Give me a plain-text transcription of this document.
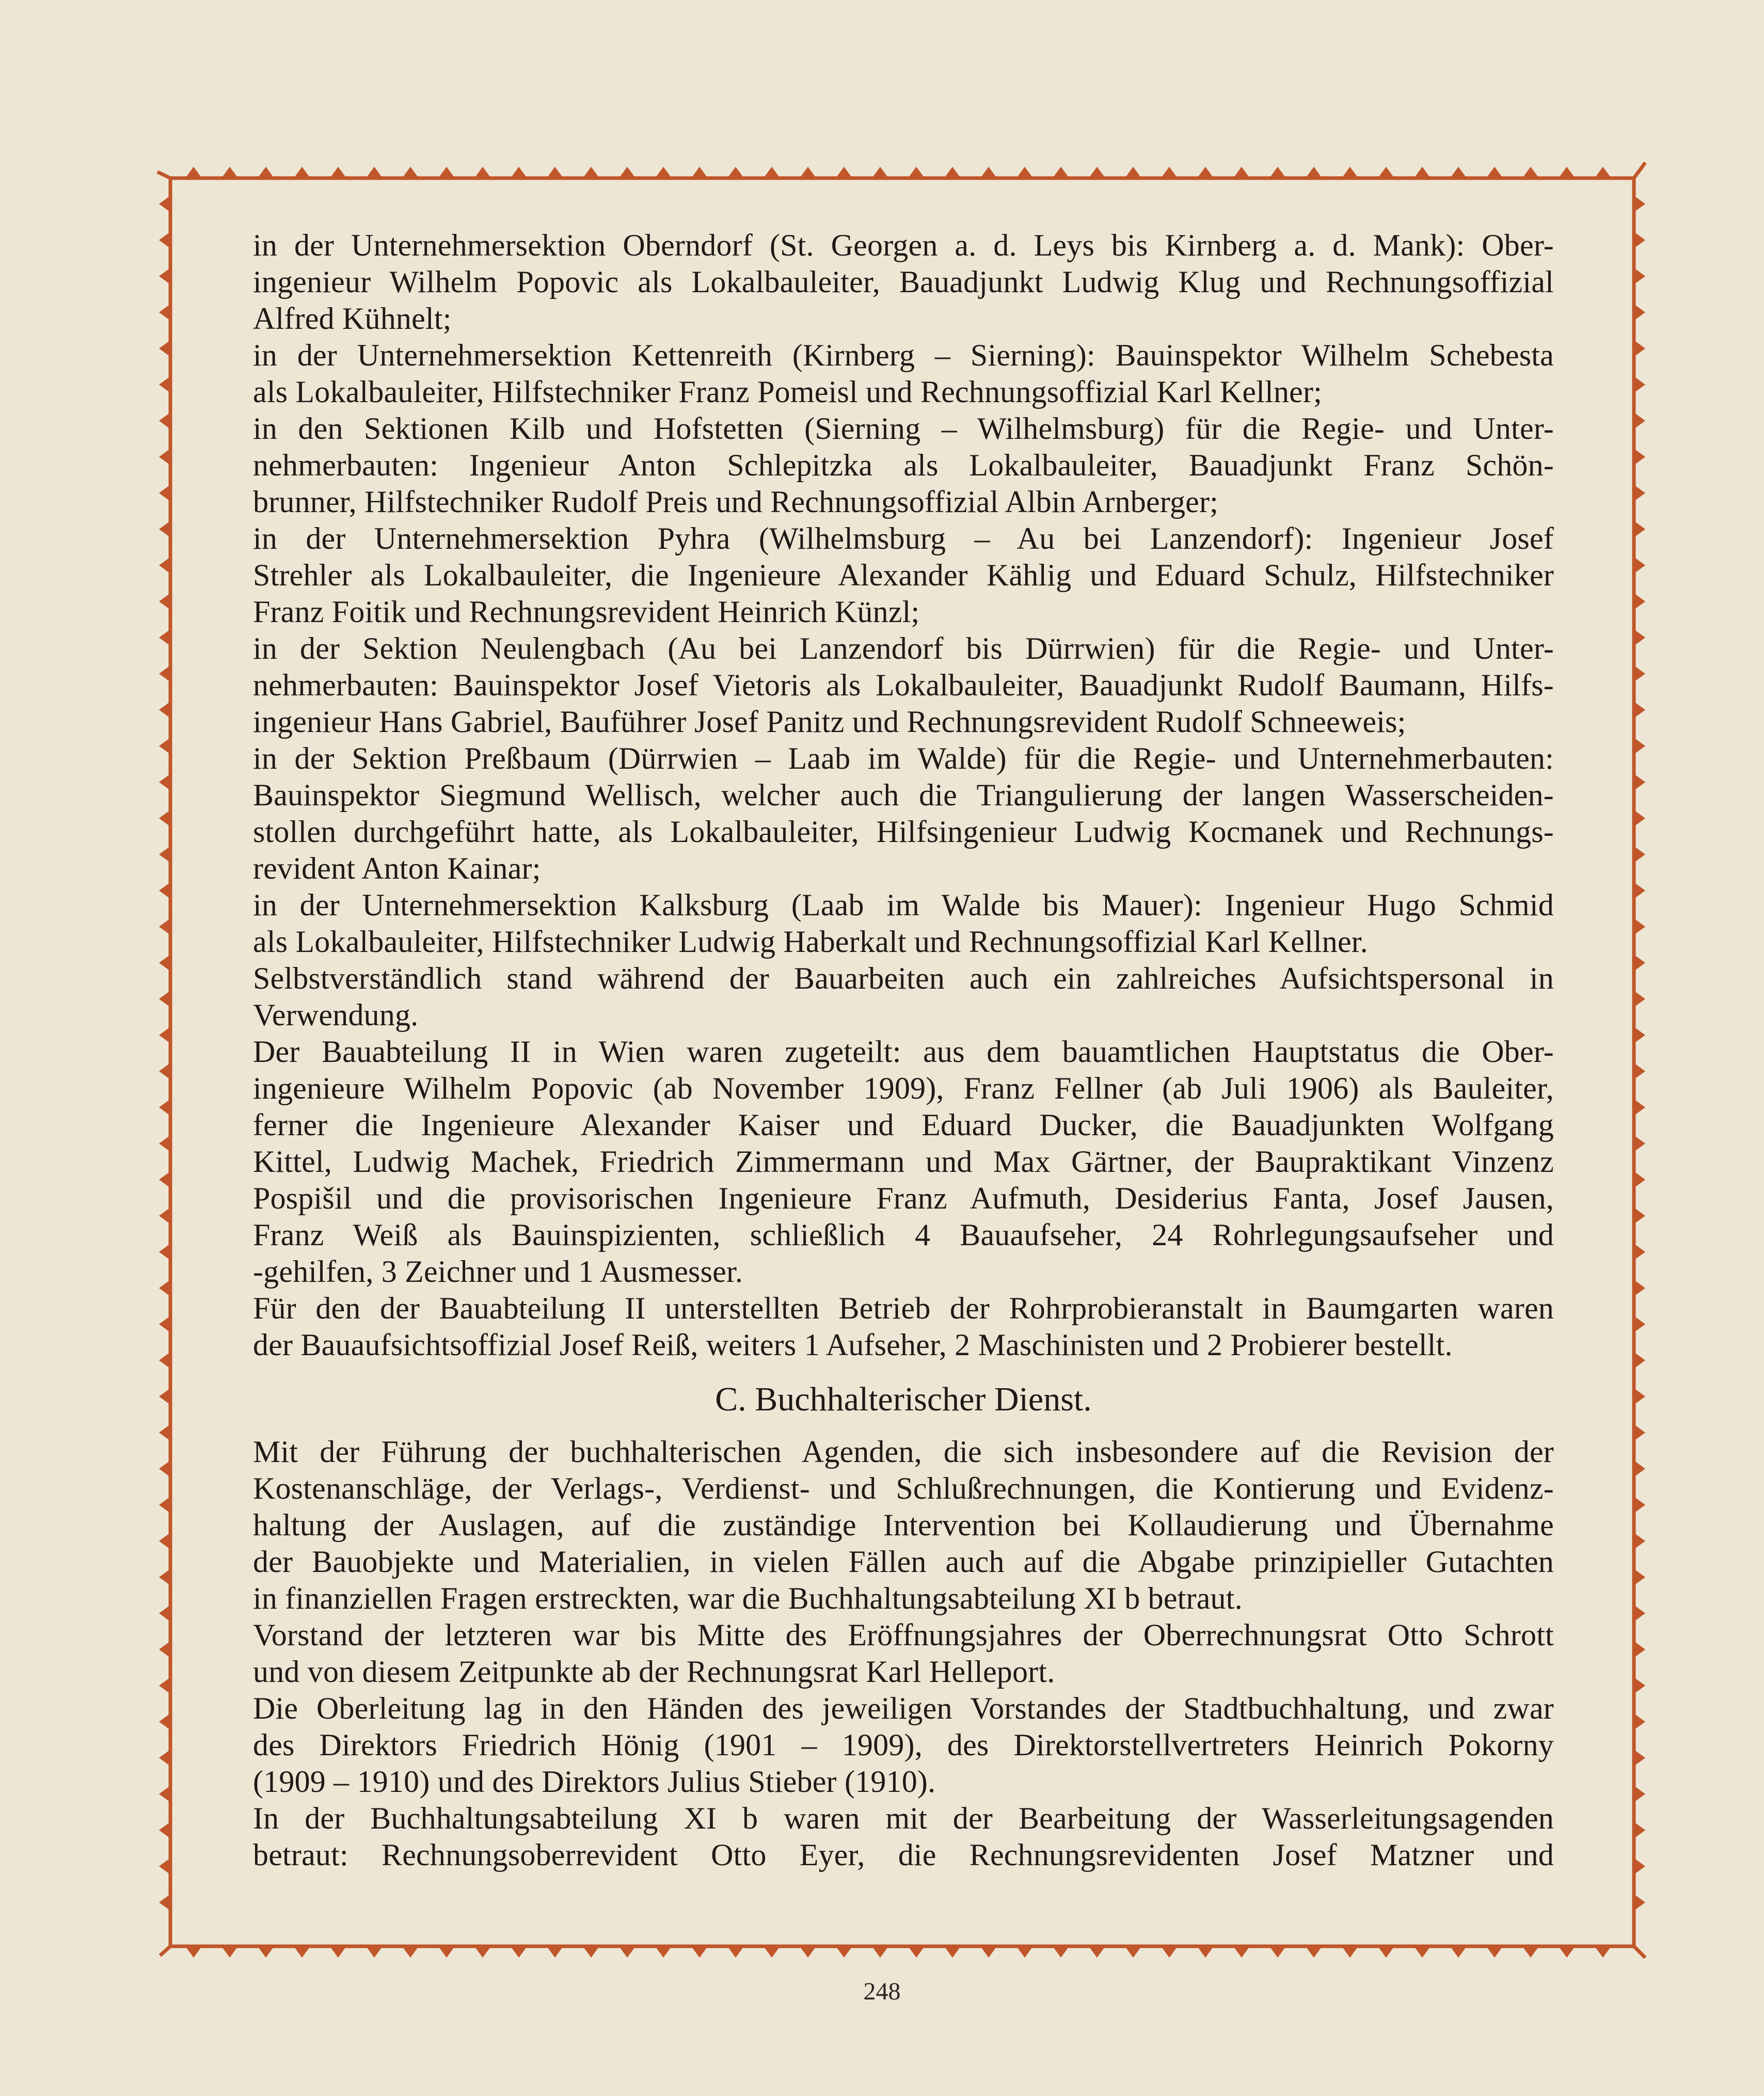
in der Unternehmersektion Oberndorf (St. Georgen a. d. Leys bis Kirnberg a. d. Mank): Ober-
ingenieur Wilhelm Popovic als Lokalbauleiter, Bauadjunkt Ludwig Klug und Rechnungsoffizial
Alfred Kühnelt;
in der Unternehmersektion Kettenreith (Kirnberg – Sierning): Bauinspektor Wilhelm Schebesta
als Lokalbauleiter, Hilfstechniker Franz Pomeisl und Rechnungsoffizial Karl Kellner;
in den Sektionen Kilb und Hofstetten (Sierning – Wilhelmsburg) für die Regie- und Unter-
nehmerbauten: Ingenieur Anton Schlepitzka als Lokalbauleiter, Bauadjunkt Franz Schön-
brunner, Hilfstechniker Rudolf Preis und Rechnungsoffizial Albin Arnberger;
in der Unternehmersektion Pyhra (Wilhelmsburg – Au bei Lanzendorf): Ingenieur Josef
Strehler als Lokalbauleiter, die Ingenieure Alexander Kählig und Eduard Schulz, Hilfstechniker
Franz Foitik und Rechnungsrevident Heinrich Künzl;
in der Sektion Neulengbach (Au bei Lanzendorf bis Dürrwien) für die Regie- und Unter-
nehmerbauten: Bauinspektor Josef Vietoris als Lokalbauleiter, Bauadjunkt Rudolf Baumann, Hilfs-
ingenieur Hans Gabriel, Bauführer Josef Panitz und Rechnungsrevident Rudolf Schneeweis;
in der Sektion Preßbaum (Dürrwien – Laab im Walde) für die Regie- und Unternehmerbauten:
Bauinspektor Siegmund Wellisch, welcher auch die Triangulierung der langen Wasserscheiden-
stollen durchgeführt hatte, als Lokalbauleiter, Hilfsingenieur Ludwig Kocmanek und Rechnungs-
revident Anton Kainar;
in der Unternehmersektion Kalksburg (Laab im Walde bis Mauer): Ingenieur Hugo Schmid
als Lokalbauleiter, Hilfstechniker Ludwig Haberkalt und Rechnungsoffizial Karl Kellner.
Selbstverständlich stand während der Bauarbeiten auch ein zahlreiches Aufsichtspersonal in
Verwendung.
Der Bauabteilung II in Wien waren zugeteilt: aus dem bauamtlichen Hauptstatus die Ober-
ingenieure Wilhelm Popovic (ab November 1909), Franz Fellner (ab Juli 1906) als Bauleiter,
ferner die Ingenieure Alexander Kaiser und Eduard Ducker, die Bauadjunkten Wolfgang
Kittel, Ludwig Machek, Friedrich Zimmermann und Max Gärtner, der Baupraktikant Vinzenz
Pospišil und die provisorischen Ingenieure Franz Aufmuth, Desiderius Fanta, Josef Jausen,
Franz Weiß als Bauinspizienten, schließlich 4 Bauaufseher, 24 Rohrlegungsaufseher und
-gehilfen, 3 Zeichner und 1 Ausmesser.
Für den der Bauabteilung II unterstellten Betrieb der Rohrprobieranstalt in Baumgarten waren
der Bauaufsichtsoffizial Josef Reiß, weiters 1 Aufseher, 2 Maschinisten und 2 Probierer bestellt.
C. Buchhalterischer Dienst.
Mit der Führung der buchhalterischen Agenden, die sich insbesondere auf die Revision der
Kostenanschläge, der Verlags-, Verdienst- und Schlußrechnungen, die Kontierung und Evidenz-
haltung der Auslagen, auf die zuständige Intervention bei Kollaudierung und Übernahme
der Bauobjekte und Materialien, in vielen Fällen auch auf die Abgabe prinzipieller Gutachten
in finanziellen Fragen erstreckten, war die Buchhaltungsabteilung XI b betraut.
Vorstand der letzteren war bis Mitte des Eröffnungsjahres der Oberrechnungsrat Otto Schrott
und von diesem Zeitpunkte ab der Rechnungsrat Karl Helleport.
Die Oberleitung lag in den Händen des jeweiligen Vorstandes der Stadtbuchhaltung, und zwar
des Direktors Friedrich Hönig (1901 – 1909), des Direktorstellvertreters Heinrich Pokorny
(1909 – 1910) und des Direktors Julius Stieber (1910).
In der Buchhaltungsabteilung XI b waren mit der Bearbeitung der Wasserleitungsagenden
betraut: Rechnungsoberrevident Otto Eyer, die Rechnungsrevidenten Josef Matzner und
248
